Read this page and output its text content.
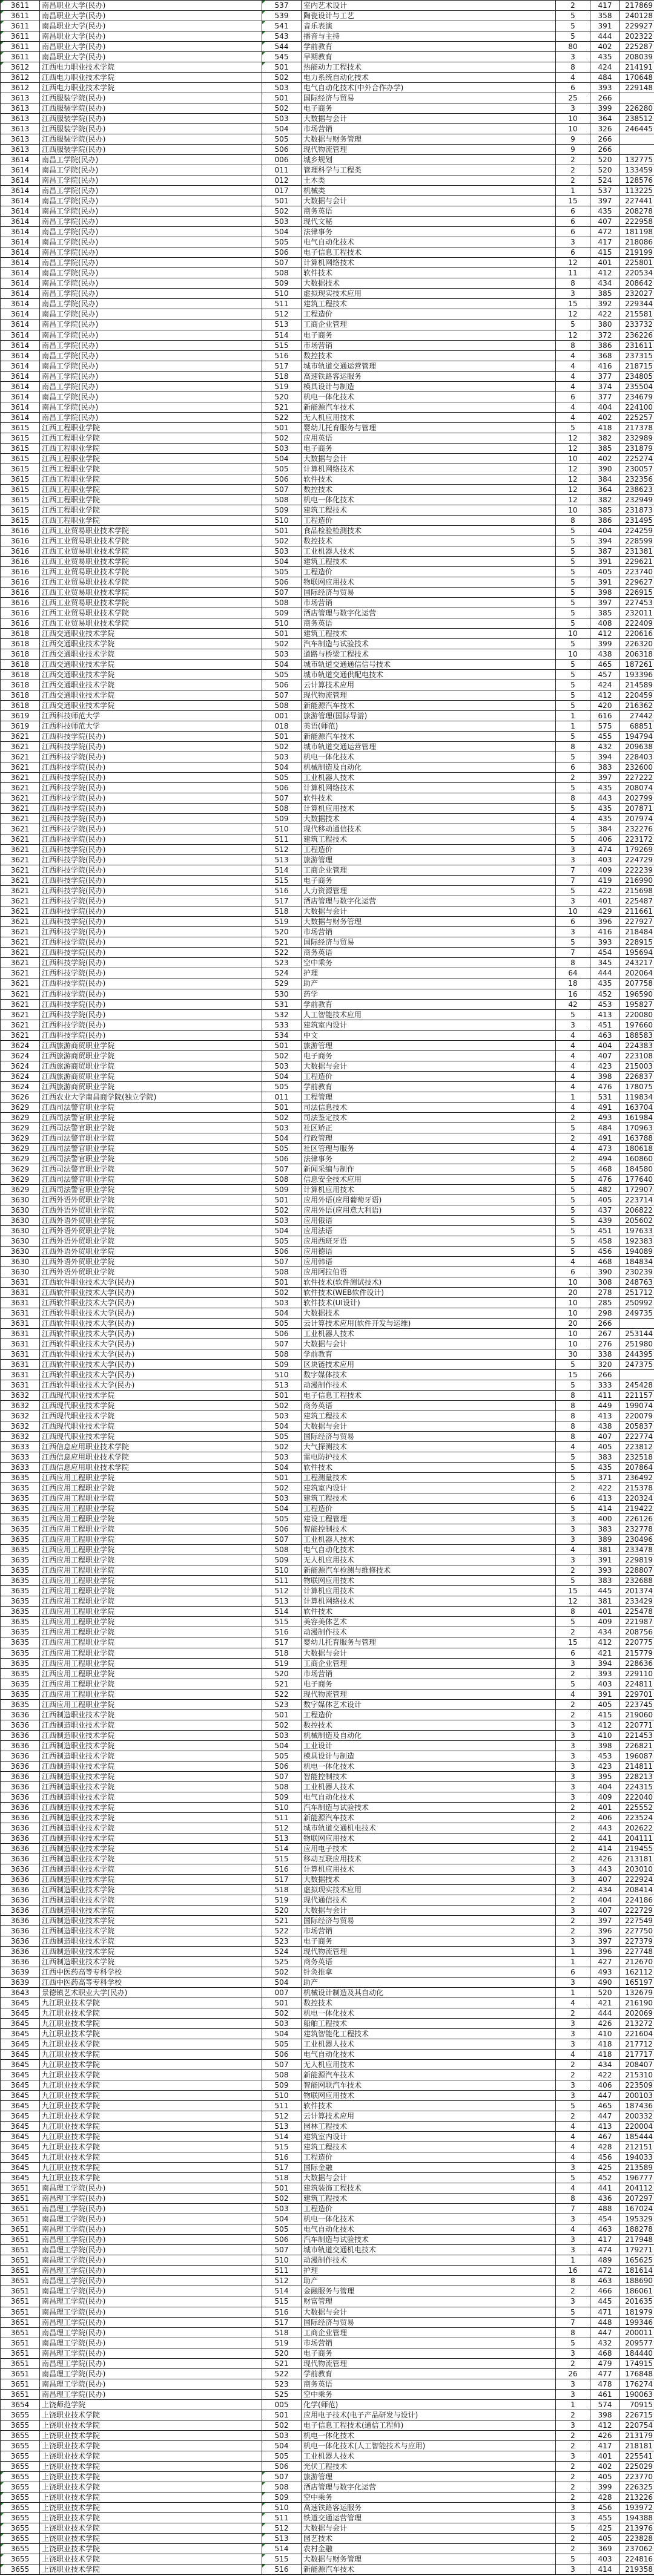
3611	南昌职业大学(民办)	537	室内艺术设计	2	417	217869
3611	南昌职业大学(民办)	539	陶瓷设计与工艺	5	358	240128
3611	南昌职业大学(民办)	541	音乐表演	5	391	229927
3611	南昌职业大学(民办)	543	播音与主持	5	444	202322
3611	南昌职业大学(民办)	544	学前教育	80	402	225287
3611	南昌职业大学(民办)	545	早期教育	3	435	208039
3612	江西电力职业技术学院	501	热能动力工程技术	8	424	214191
3612	江西电力职业技术学院	502	电力系统自动化技术	4	484	170648
3612	江西电力职业技术学院	503	电气自动化技术(中外合作办学)	6	393	229148
3613	江西服装学院(民办)	501	国际经济与贸易	25	266	
3613	江西服装学院(民办)	502	电子商务	3	399	226280
3613	江西服装学院(民办)	503	大数据与会计	10	364	238512
3613	江西服装学院(民办)	504	市场营销	10	326	246445
3613	江西服装学院(民办)	505	大数据与财务管理	9	266	
3613	江西服装学院(民办)	506	现代物流管理	9	266	
3614	南昌工学院(民办)	006	城乡规划	2	520	132775
3614	南昌工学院(民办)	011	管理科学与工程类	2	520	133459
3614	南昌工学院(民办)	012	土木类	2	524	128576
3614	南昌工学院(民办)	017	机械类	1	537	113225
3614	南昌工学院(民办)	501	大数据与会计	15	397	227441
3614	南昌工学院(民办)	502	商务英语	6	435	208278
3614	南昌工学院(民办)	503	现代文秘	6	407	222958
3614	南昌工学院(民办)	504	法律事务	6	472	181198
3614	南昌工学院(民办)	505	电气自动化技术	3	417	218086
3614	南昌工学院(民办)	506	电子信息工程技术	6	415	219199
3614	南昌工学院(民办)	507	计算机网络技术	12	401	225801
3614	南昌工学院(民办)	508	软件技术	11	412	220534
3614	南昌工学院(民办)	509	大数据技术	8	434	208642
3614	南昌工学院(民办)	510	虚拟现实技术应用	3	385	232027
3614	南昌工学院(民办)	511	建筑工程技术	15	392	229344
3614	南昌工学院(民办)	512	工程造价	12	422	215581
3614	南昌工学院(民办)	513	工商企业管理	5	380	233732
3614	南昌工学院(民办)	514	电子商务	12	372	236226
3614	南昌工学院(民办)	515	市场营销	8	386	231611
3614	南昌工学院(民办)	516	数控技术	4	368	237315
3614	南昌工学院(民办)	517	城市轨道交通运营管理	4	416	218715
3614	南昌工学院(民办)	518	高速铁路客运服务	4	377	234805
3614	南昌工学院(民办)	519	模具设计与制造	4	374	235504
3614	南昌工学院(民办)	520	机电一体化技术	6	377	234679
3614	南昌工学院(民办)	521	新能源汽车技术	4	404	224100
3614	南昌工学院(民办)	522	无人机应用技术	4	402	225257
3615	江西工程职业学院	501	婴幼儿托育服务与管理	5	418	217378
3615	江西工程职业学院	502	应用英语	12	382	232989
3615	江西工程职业学院	503	电子商务	12	385	231879
3615	江西工程职业学院	504	大数据与会计	10	402	225274
3615	江西工程职业学院	505	计算机网络技术	12	390	230057
3615	江西工程职业学院	506	软件技术	12	384	232356
3615	江西工程职业学院	507	数控技术	12	364	238623
3615	江西工程职业学院	508	机电一体化技术	12	382	232949
3615	江西工程职业学院	509	建筑工程技术	10	385	231873
3615	江西工程职业学院	510	工程造价	8	386	231495
3616	江西工业贸易职业技术学院	501	食品检验检测技术	5	404	224259
3616	江西工业贸易职业技术学院	502	数控技术	5	394	228599
3616	江西工业贸易职业技术学院	503	工业机器人技术	5	387	231381
3616	江西工业贸易职业技术学院	504	建筑工程技术	5	391	229621
3616	江西工业贸易职业技术学院	505	工程造价	5	405	223740
3616	江西工业贸易职业技术学院	506	物联网应用技术	5	391	229627
3616	江西工业贸易职业技术学院	507	国际经济与贸易	5	398	226915
3616	江西工业贸易职业技术学院	508	市场营销	5	397	227453
3616	江西工业贸易职业技术学院	509	酒店管理与数字化运营	5	385	232011
3616	江西工业贸易职业技术学院	510	商务英语	5	408	222409
3618	江西交通职业技术学院	501	建筑工程技术	10	412	220616
3618	江西交通职业技术学院	502	汽车制造与试验技术	5	399	226320
3618	江西交通职业技术学院	503	道路与桥梁工程技术	10	438	206318
3618	江西交通职业技术学院	504	城市轨道交通通信信号技术	5	465	187261
3618	江西交通职业技术学院	505	城市轨道交通供配电技术	5	457	193396
3618	江西交通职业技术学院	506	云计算技术应用	5	424	214589
3618	江西交通职业技术学院	507	现代物流管理	5	412	220459
3618	江西交通职业技术学院	508	新能源汽车技术	5	420	216362
3619	江西科技师范大学	001	旅游管理(国际导游)	1	616	27442
3619	江西科技师范大学	018	英语(师范)	1	575	68851
3621	江西科技学院(民办)	501	新能源汽车技术	5	455	194794
3621	江西科技学院(民办)	502	城市轨道交通运营管理	8	432	209638
3621	江西科技学院(民办)	503	机电一体化技术	5	394	228403
3621	江西科技学院(民办)	504	机械制造及自动化	6	383	232600
3621	江西科技学院(民办)	505	工业机器人技术	2	397	227222
3621	江西科技学院(民办)	506	计算机网络技术	5	435	208074
3621	江西科技学院(民办)	507	软件技术	8	443	202799
3621	江西科技学院(民办)	508	计算机应用技术	5	435	207871
3621	江西科技学院(民办)	509	大数据技术	4	435	207974
3621	江西科技学院(民办)	510	现代移动通信技术	5	384	232276
3621	江西科技学院(民办)	511	建筑工程技术	5	406	223172
3621	江西科技学院(民办)	512	工程造价	3	474	179269
3621	江西科技学院(民办)	513	旅游管理	3	403	224729
3621	江西科技学院(民办)	514	工商企业管理	7	409	222239
3621	江西科技学院(民办)	515	电子商务	7	419	216990
3621	江西科技学院(民办)	516	人力资源管理	5	422	215698
3621	江西科技学院(民办)	517	酒店管理与数字化运营	3	401	225487
3621	江西科技学院(民办)	518	大数据与会计	10	429	211661
3621	江西科技学院(民办)	519	大数据与财务管理	6	396	227927
3621	江西科技学院(民办)	520	市场营销	3	416	218484
3621	江西科技学院(民办)	521	国际经济与贸易	5	393	228915
3621	江西科技学院(民办)	522	商务英语	7	454	195694
3621	江西科技学院(民办)	523	空中乘务	8	345	243217
3621	江西科技学院(民办)	524	护理	64	444	202064
3621	江西科技学院(民办)	529	助产	18	435	207758
3621	江西科技学院(民办)	530	药学	16	452	196590
3621	江西科技学院(民办)	531	学前教育	42	453	195827
3621	江西科技学院(民办)	532	人工智能技术应用	5	413	220080
3621	江西科技学院(民办)	533	建筑室内设计	3	451	197660
3621	江西科技学院(民办)	534	中文	4	463	188583
3624	江西旅游商贸职业学院	501	旅游管理	4	404	224383
3624	江西旅游商贸职业学院	502	电子商务	4	407	223108
3624	江西旅游商贸职业学院	503	大数据与会计	4	423	215003
3624	江西旅游商贸职业学院	504	工程造价	4	398	226837
3624	江西旅游商贸职业学院	505	学前教育	4	476	178075
3626	江西农业大学南昌商学院(独立学院)	011	工程管理	1	531	119834
3629	江西司法警官职业学院	501	司法信息技术	4	491	163704
3629	江西司法警官职业学院	502	司法鉴定技术	2	493	161984
3629	江西司法警官职业学院	503	社区矫正	5	484	170963
3629	江西司法警官职业学院	504	行政管理	2	491	163788
3629	江西司法警官职业学院	505	社区管理与服务	4	473	180618
3629	江西司法警官职业学院	506	法律事务	2	494	160860
3629	江西司法警官职业学院	507	新闻采编与制作	5	468	184580
3629	江西司法警官职业学院	508	信息安全技术应用	5	476	177640
3629	江西司法警官职业学院	509	计算机应用技术	5	482	172907
3630	江西外语外贸职业学院	501	应用外语(应用葡萄牙语)	5	405	223714
3630	江西外语外贸职业学院	502	应用外语(应用意大利语)	5	437	206822
3630	江西外语外贸职业学院	503	应用俄语	5	439	205602
3630	江西外语外贸职业学院	504	应用法语	5	451	197633
3630	江西外语外贸职业学院	505	应用西班牙语	5	458	192383
3630	江西外语外贸职业学院	506	应用德语	5	456	194089
3630	江西外语外贸职业学院	507	应用韩语	4	468	184834
3630	江西外语外贸职业学院	508	应用阿拉伯语	6	390	230239
3631	江西软件职业技术大学(民办)	501	软件技术(软件测试技术)	10	308	248763
3631	江西软件职业技术大学(民办)	502	软件技术(WEB软件设计)	20	278	251712
3631	江西软件职业技术大学(民办)	503	软件技术(UI设计)	10	285	250992
3631	江西软件职业技术大学(民办)	504	大数据技术	10	298	249735
3631	江西软件职业技术大学(民办)	505	云计算技术应用(软件开发与运维)	20	266	
3631	江西软件职业技术大学(民办)	506	工业机器人技术	10	267	253144
3631	江西软件职业技术大学(民办)	507	大数据与会计	10	276	251980
3631	江西软件职业技术大学(民办)	508	学前教育	30	338	244395
3631	江西软件职业技术大学(民办)	509	区块链技术应用	5	320	247375
3631	江西软件职业技术大学(民办)	510	数字媒体技术	15	266	
3631	江西软件职业技术大学(民办)	513	动漫制作技术	5	333	245428
3632	江西现代职业技术学院	501	电子信息工程技术	8	411	221157
3632	江西现代职业技术学院	502	商务英语	8	449	199074
3632	江西现代职业技术学院	503	建筑工程技术	8	413	220079
3632	江西现代职业技术学院	504	大数据与会计	8	438	205837
3632	江西现代职业技术学院	505	国际经济与贸易	8	407	222774
3633	江西信息应用职业技术学院	502	大气探测技术	4	405	223812
3633	江西信息应用职业技术学院	503	雷电防护技术	5	383	232518
3633	江西信息应用职业技术学院	504	软件技术	5	435	207864
3635	江西应用工程职业学院	501	工程测量技术	5	371	236492
3635	江西应用工程职业学院	502	建筑室内设计	2	422	215378
3635	江西应用工程职业学院	503	建筑工程技术	6	413	220324
3635	江西应用工程职业学院	504	工程造价	5	414	219422
3635	江西应用工程职业学院	505	建设工程管理	3	400	226126
3635	江西应用工程职业学院	506	智能控制技术	3	383	232778
3635	江西应用工程职业学院	507	工业机器人技术	3	389	230496
3635	江西应用工程职业学院	508	电气自动化技术	4	381	233478
3635	江西应用工程职业学院	509	无人机应用技术	3	391	229819
3635	江西应用工程职业学院	510	新能源汽车检测与维修技术	2	393	228807
3635	江西应用工程职业学院	511	物联网应用技术	5	383	232688
3635	江西应用工程职业学院	512	计算机应用技术	15	445	201374
3635	江西应用工程职业学院	513	计算机网络技术	12	381	233429
3635	江西应用工程职业学院	514	软件技术	8	401	225478
3635	江西应用工程职业学院	515	美容美体艺术	5	409	221987
3635	江西应用工程职业学院	516	动漫制作技术	2	434	208756
3635	江西应用工程职业学院	517	婴幼儿托育服务与管理	15	412	220775
3635	江西应用工程职业学院	518	大数据与会计	6	421	215779
3635	江西应用工程职业学院	519	工商企业管理	3	394	228636
3635	江西应用工程职业学院	520	市场营销	2	393	229110
3635	江西应用工程职业学院	521	电子商务	5	403	224811
3635	江西应用工程职业学院	522	现代物流管理	4	391	229701
3635	江西应用工程职业学院	523	数字媒体艺术设计	2	405	223745
3636	江西制造职业技术学院	501	工程造价	2	415	219060
3636	江西制造职业技术学院	502	数控技术	3	412	220771
3636	江西制造职业技术学院	503	机械制造及自动化	3	410	221453
3636	江西制造职业技术学院	504	工业设计	3	398	226821
3636	江西制造职业技术学院	505	模具设计与制造	3	453	196087
3636	江西制造职业技术学院	506	机电一体化技术	3	423	214811
3636	江西制造职业技术学院	507	智能控制技术	3	395	228213
3636	江西制造职业技术学院	508	工业机器人技术	3	404	224315
3636	江西制造职业技术学院	509	电气自动化技术	3	409	222040
3636	江西制造职业技术学院	510	汽车制造与试验技术	2	401	225552
3636	江西制造职业技术学院	511	新能源汽车技术	2	406	223524
3636	江西制造职业技术学院	512	城市轨道交通机电技术	2	443	202622
3636	江西制造职业技术学院	513	物联网应用技术	2	441	204111
3636	江西制造职业技术学院	514	应用电子技术	2	414	219455
3636	江西制造职业技术学院	515	移动互联应用技术	2	426	213181
3636	江西制造职业技术学院	516	计算机应用技术	3	443	203010
3636	江西制造职业技术学院	517	大数据技术	3	407	222924
3636	江西制造职业技术学院	518	虚拟现实技术应用	2	434	208414
3636	江西制造职业技术学院	519	现代通信技术	2	404	224186
3636	江西制造职业技术学院	520	大数据与会计	3	407	222729
3636	江西制造职业技术学院	521	国际经济与贸易	2	397	227549
3636	江西制造职业技术学院	522	市场营销	2	396	227750
3636	江西制造职业技术学院	523	电子商务	3	397	227379
3636	江西制造职业技术学院	524	现代物流管理	1	396	227748
3636	江西制造职业技术学院	525	商务英语	1	427	212670
3639	江西中医药高等专科学校	502	针灸推拿	6	493	162112
3639	江西中医药高等专科学校	504	助产	3	490	165197
3643	景德镇艺术职业大学(民办)	007	机械设计制造及其自动化	1	520	132679
3645	九江职业技术学院	501	数控技术	4	421	216190
3645	九江职业技术学院	502	机电一体化技术	2	444	202069
3645	九江职业技术学院	503	船舶工程技术	3	426	213272
3645	九江职业技术学院	504	建筑智能化工程技术	3	410	221604
3645	九江职业技术学院	505	工业机器人技术	3	418	217712
3645	九江职业技术学院	506	电气自动化技术	4	418	217717
3645	九江职业技术学院	507	无人机应用技术	2	434	208407
3645	九江职业技术学院	508	新能源汽车技术	2	422	215310
3645	九江职业技术学院	509	智能网联汽车技术	3	406	223509
3645	九江职业技术学院	510	物联网应用技术	3	447	200103
3645	九江职业技术学院	511	软件技术	5	465	187436
3645	九江职业技术学院	512	云计算技术应用	2	447	200332
3645	九江职业技术学院	513	园林工程技术	4	413	220004
3645	九江职业技术学院	514	建筑室内设计	4	467	185444
3645	九江职业技术学院	515	建筑工程技术	4	428	212151
3645	九江职业技术学院	516	工程造价	4	456	194033
3645	九江职业技术学院	517	国际金融	3	425	213589
3645	九江职业技术学院	518	大数据与会计	5	452	196777
3651	南昌理工学院(民办)	501	建筑装饰工程技术	4	441	204112
3651	南昌理工学院(民办)	502	建筑工程技术	8	436	207297
3651	南昌理工学院(民办)	503	工程造价	7	488	167024
3651	南昌理工学院(民办)	504	机电一体化技术	3	454	195329
3651	南昌理工学院(民办)	505	电气自动化技术	4	463	188278
3651	南昌理工学院(民办)	506	汽车制造与试验技术	3	417	217948
3651	南昌理工学院(民办)	507	城市轨道交通机电技术	3	474	179271
3651	南昌理工学院(民办)	510	动漫制作技术	1	489	165625
3651	南昌理工学院(民办)	511	护理	16	472	181614
3651	南昌理工学院(民办)	512	助产	8	463	188690
3651	南昌理工学院(民办)	514	金融服务与管理	2	466	186061
3651	南昌理工学院(民办)	515	财富管理	3	445	201635
3651	南昌理工学院(民办)	516	大数据与会计	5	471	181979
3651	南昌理工学院(民办)	517	国际经济与贸易	7	448	199346
3651	南昌理工学院(民办)	518	工商企业管理	8	447	200011
3651	南昌理工学院(民办)	519	市场营销	5	432	209577
3651	南昌理工学院(民办)	520	电子商务	3	468	184440
3651	南昌理工学院(民办)	521	现代物流管理	2	479	174915
3651	南昌理工学院(民办)	522	学前教育	26	477	176848
3651	南昌理工学院(民办)	523	商务英语	3	478	176274
3651	南昌理工学院(民办)	525	空中乘务	3	461	190063
3654	上饶师范学院	005	化学(师范)	1	574	70915
3655	上饶职业技术学院	501	应用电子技术(电子产品研发与设计)	2	398	226715
3655	上饶职业技术学院	502	电子信息工程技术(通信工程师)	3	412	220754
3655	上饶职业技术学院	503	机电一体化技术	2	426	213179
3655	上饶职业技术学院	504	机电一体化技术(人工智能技术与应用)	2	417	218181
3655	上饶职业技术学院	505	工业机器人技术	3	401	225541
3655	上饶职业技术学院	506	光伏工程技术	2	402	225029
3655	上饶职业技术学院	507	旅游管理	2	405	223770
3655	上饶职业技术学院	508	酒店管理与数字化运营	2	399	226325
3655	上饶职业技术学院	509	空中乘务	2	428	213226
3655	上饶职业技术学院	510	高速铁路客运服务	3	456	193972
3655	上饶职业技术学院	511	铁道交通运营管理	3	455	194388
3655	上饶职业技术学院	512	大数据与会计	5	425	213976
3655	上饶职业技术学院	513	园艺技术	2	405	223828
3655	上饶职业技术学院	514	农村金融	2	369	237062
3655	上饶职业技术学院	515	大数据与财务管理	5	403	224816
3655	上饶职业技术学院	516	新能源汽车技术	3	414	219358
